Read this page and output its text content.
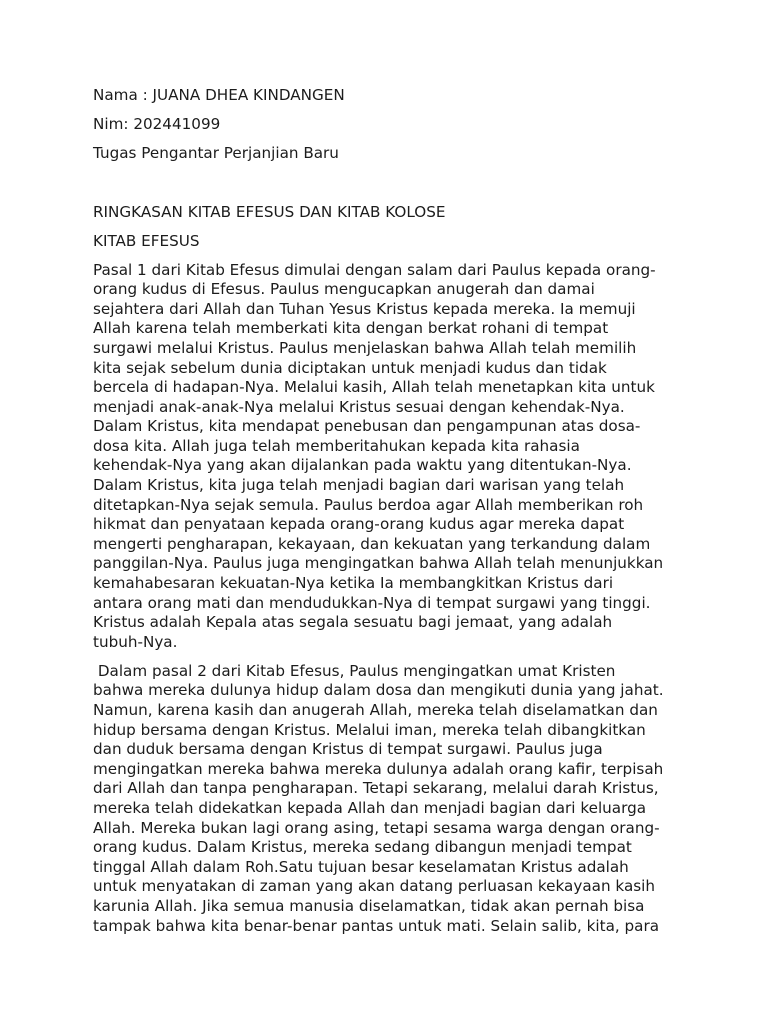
Nama : JUANA DHEA KINDANGEN

Nim: 202441099

Tugas Pengantar Perjanjian Baru

RINGKASAN KITAB EFESUS DAN KITAB KOLOSE

KITAB EFESUS

Pasal 1 dari Kitab Efesus dimulai dengan salam dari Paulus kepada orang-
orang kudus di Efesus. Paulus mengucapkan anugerah dan damai
sejahtera dari Allah dan Tuhan Yesus Kristus kepada mereka. Ia memuji
Allah karena telah memberkati kita dengan berkat rohani di tempat
surgawi melalui Kristus. Paulus menjelaskan bahwa Allah telah memilih
kita sejak sebelum dunia diciptakan untuk menjadi kudus dan tidak
bercela di hadapan-Nya. Melalui kasih, Allah telah menetapkan kita untuk
menjadi anak-anak-Nya melalui Kristus sesuai dengan kehendak-Nya.
Dalam Kristus, kita mendapat penebusan dan pengampunan atas dosa-
dosa kita. Allah juga telah memberitahukan kepada kita rahasia
kehendak-Nya yang akan dijalankan pada waktu yang ditentukan-Nya.
Dalam Kristus, kita juga telah menjadi bagian dari warisan yang telah
ditetapkan-Nya sejak semula. Paulus berdoa agar Allah memberikan roh
hikmat dan penyataan kepada orang-orang kudus agar mereka dapat
mengerti pengharapan, kekayaan, dan kekuatan yang terkandung dalam
panggilan-Nya. Paulus juga mengingatkan bahwa Allah telah menunjukkan
kemahabesaran kekuatan-Nya ketika Ia membangkitkan Kristus dari
antara orang mati dan mendudukkan-Nya di tempat surgawi yang tinggi.
Kristus adalah Kepala atas segala sesuatu bagi jemaat, yang adalah
tubuh-Nya.

Dalam pasal 2 dari Kitab Efesus, Paulus mengingatkan umat Kristen
bahwa mereka dulunya hidup dalam dosa dan mengikuti dunia yang jahat.
Namun, karena kasih dan anugerah Allah, mereka telah diselamatkan dan
hidup bersama dengan Kristus. Melalui iman, mereka telah dibangkitkan
dan duduk bersama dengan Kristus di tempat surgawi. Paulus juga
mengingatkan mereka bahwa mereka dulunya adalah orang kafir, terpisah
dari Allah dan tanpa pengharapan. Tetapi sekarang, melalui darah Kristus,
mereka telah didekatkan kepada Allah dan menjadi bagian dari keluarga
Allah. Mereka bukan lagi orang asing, tetapi sesama warga dengan orang-
orang kudus. Dalam Kristus, mereka sedang dibangun menjadi tempat
tinggal Allah dalam Roh.Satu tujuan besar keselamatan Kristus adalah
untuk menyatakan di zaman yang akan datang perluasan kekayaan kasih
karunia Allah. Jika semua manusia diselamatkan, tidak akan pernah bisa
tampak bahwa kita benar-benar pantas untuk mati. Selain salib, kita, para
